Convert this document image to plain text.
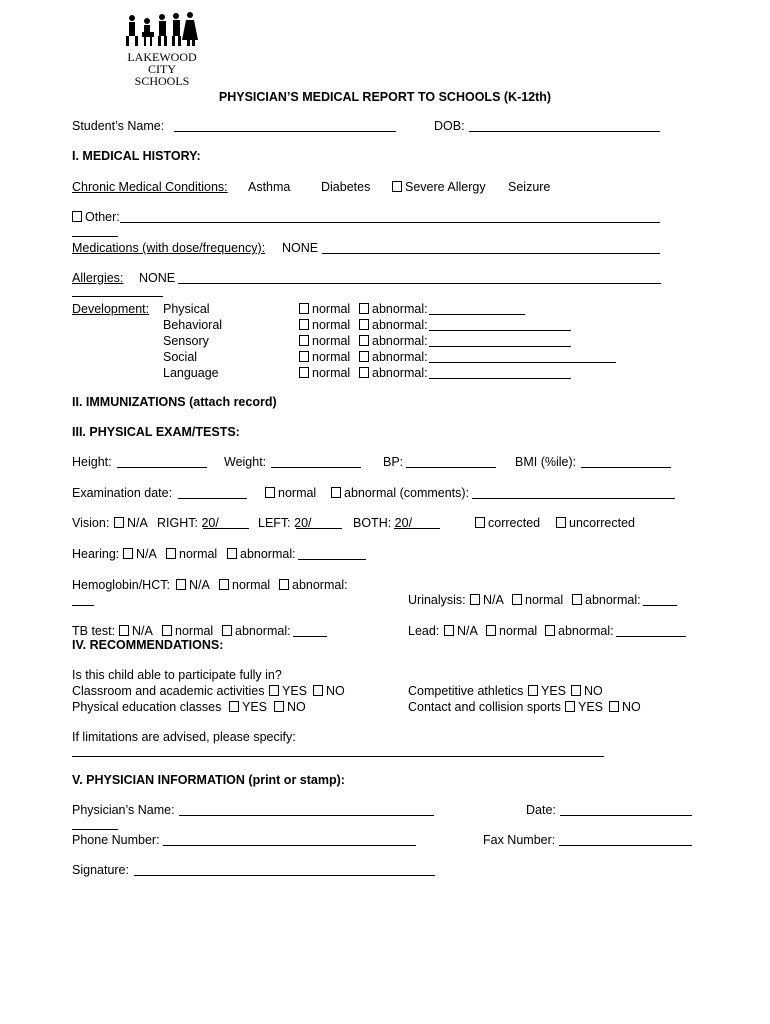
LAKEWOOD
CITY SCHOOLS
PHYSICIAN’S MEDICAL REPORT TO SCHOOLS (K-12th)
Student’s Name:	DOB:
I. MEDICAL HISTORY:
Chronic Medical Conditions: Asthma Diabetes	Severe Allergy Seizure
Other:
Medications (with dose/frequency): NONE
Allergies: NONE
Development: Physical	normal	abnormal:
Behavioral	normal	abnormal:
Sensory	normal	abnormal:
Social	normal	abnormal:
Language	normal	abnormal:
II. IMMUNIZATIONS (attach record)
III. PHYSICAL EXAM/TESTS:
Height:	Weight:	BP:	BMI (%ile):
Examination date:	normal	abnormal (comments):
Vision:	N/A RIGHT: 20/	LEFT: 20/	BOTH: 20/	corrected	uncorrected
Hearing:	N/A	normal	abnormal:
Hemoglobin/HCT:	N/A	normal	abnormal:
Urinalysis:	N/A	normal	abnormal:
TB test:	N/A	normal	abnormal:	Lead:	N/A	normal	abnormal:
IV. RECOMMENDATIONS:
Is this child able to participate fully in?
Classroom and academic activities	YES	NO
Physical education classes	YES	NO
Competitive athletics	YES	NO
Contact and collision sports	YES	NO
If limitations are advised, please specify:
V. PHYSICIAN INFORMATION (print or stamp):
Physician’s Name:	Date:
Phone Number:	Fax Number:
Signature:
